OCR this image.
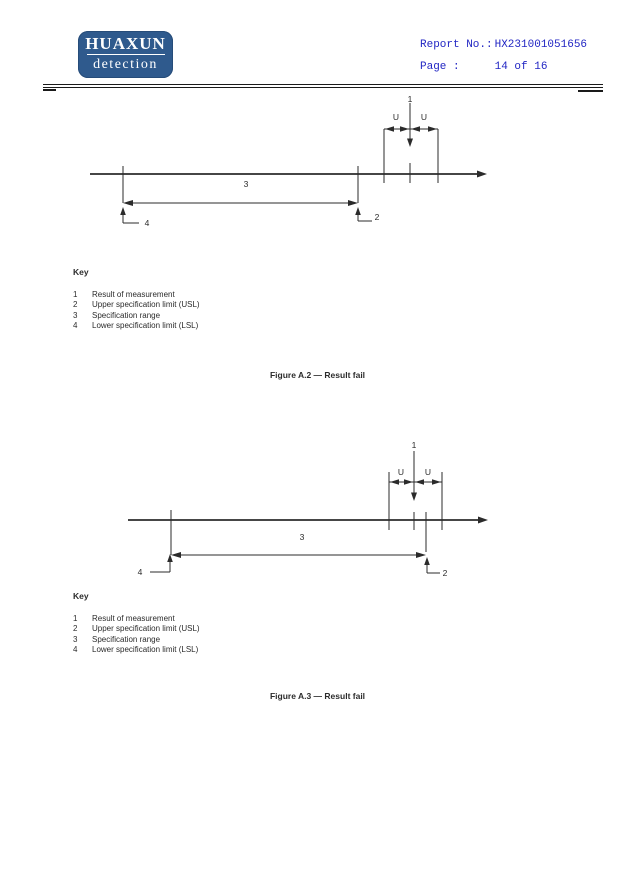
HUAXUN
detection
Report No.: HX231001051656
Page :	14 of 16
1
U	U
3
4
2
Key
1 Result of measurement
2 Upper specification limit (USL)
3 Specification range
4 Lower specification limit (LSL)
Figure A.2 — Result fail
1
U U
3
4	2
Key
1 Result of measurement
2 Upper specification limit (USL)
3 Specification range
4 Lower specification limit (LSL)
Figure A.3 — Result fail
